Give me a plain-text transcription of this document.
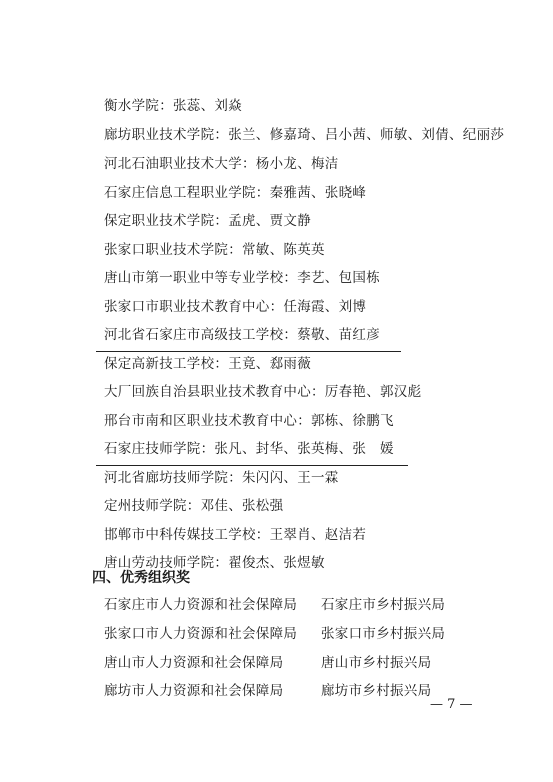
衡水学院：张蕊、刘焱
廊坊职业技术学院：张兰、修嘉琦、吕小茜、师敏、刘倩、纪丽莎
河北石油职业技术大学：杨小龙、梅洁
石家庄信息工程职业学院：秦雅茜、张晓峰
保定职业技术学院：孟虎、贾文静
张家口职业技术学院：常敏、陈英英
唐山市第一职业中等专业学校：李艺、包国栋
张家口市职业技术教育中心：任海霞、刘博
河北省石家庄市高级技工学校：蔡敬、苗红彦
保定高新技工学校：王竟、郄雨薇
大厂回族自治县职业技术教育中心：厉春艳、郭汉彪
邢台市南和区职业技术教育中心：郭栋、徐鹏飞
石家庄技师学院：张凡、封华、张英梅、张　媛
河北省廊坊技师学院：朱闪闪、王一霖
定州技师学院：邓佳、张松强
邯郸市中科传媒技工学校：王翠肖、赵洁若
唐山劳动技师学院：翟俊杰、张煜敏
四、优秀组织奖
石家庄市人力资源和社会保障局 石家庄市乡村振兴局
张家口市人力资源和社会保障局 张家口市乡村振兴局
唐山市人力资源和社会保障局	唐山市乡村振兴局
廊坊市人力资源和社会保障局	廊坊市乡村振兴局
— 7 —
